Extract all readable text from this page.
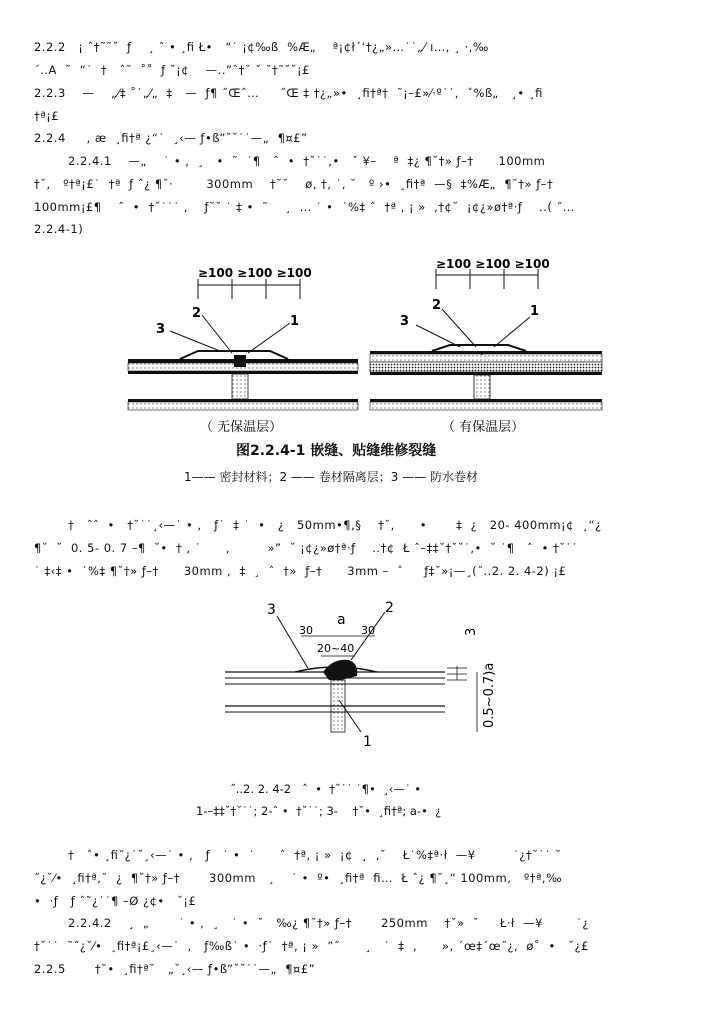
2.2.2   ¡ ˆ†˜˜˘  ƒ    ¸ ˆ • ¸ﬁ Ł•   “˙ ¡¢‰ß  %Æ„    ª¡¢ł´‘†¿„»…˙˙„⁄ ı…, ¸ ·,‰
´..A  ˜  “˙  †   ˆ˜  ˚˚  ƒ ˘¡¢    —..”ˆ†˘ ˇ ˘†˜˘˘¡£
2.2.3    —    „⁄‡ ˚˙„⁄„  ‡   —  ƒ¶ ˝Œˆ…     ˝Œ ‡ †¿„»•  ¸ﬁ†ª†  ˜¡–£»⁄·º˙˙,  ˇ%ß„   ¸• ¸ﬁ
†ª¡£
2.2.4     , æ  ¸ﬁ†ª ¿“˙  ¸‹— ƒ•ß”˘˘˙˙—„  ¶¤£”
2.2.4.1    —„    ˙ • ,  ¸   •  ˜  ˙¶   ˆ  •  †˘˙˙,•   ˇ ¥–    ª  ‡¿ ¶˘†» ƒ–†      100mm
†˘,   º†ª¡£˙  †ª  ƒ ˆ¿ ¶˘·        300mm    †˘˘    ø, †, ˙, ˘   º ›•  ¸ﬁ†ª  —§  ‡%Æ„  ¶˘†» ƒ–†
100mm¡£¶    ˆ  •  †˘˙˙˙ ,    ƒ˘˘ ˙ ‡ •  ˜    ¸  … ˙ •  ˙%‡ ˆ  †ª , ¡ »  ,†¢˘  ¡¢¿»ø†ª·ƒ    ..( ˝…
2.2.4-1)
≥100 ≥100 ≥100
3
2
1
（ 无保温层）
≥100 ≥100 ≥100
3
2	1
（ 有保温层）
图2.2.4-1 嵌缝、贴缝维修裂缝
1—— 密封材料；2 —— 卷材隔离层；3 —— 防水卷材
†   ˆˆ  •   †˘˙˙¸‹—˙ • ,   ƒ˙  ‡ ˙  •   ¿   50mm•¶,§    †˘,      •       ‡  ¿   20- 400mm¡¢  ¸“¿
¶˘  ˘  0. 5- 0. 7 –¶  ˘•  † , ˙      ,         »”  ˘ ¡¢¿»ø†ª·ƒ    ..†¢  Ł ˆ–‡‡˘†˘˘˙,•  ˘ ˙¶   ˆ  • †˘˙˙
˙ ‡‹‡ •  ˙%‡ ¶˘†» ƒ–†      30mm ,  ‡  ¸  ˆ  †»  ƒ–†      3mm –  ˆ     ƒ‡˘»¡—¸(˝..2. 2. 4-2) ¡£
3	2
1
a
30	30
20~40
3
0.5~0.7)a
˝..2. 2. 4-2   ˆ  •  †˘˙˙ ˙¶•  ¸‹—˙ •
1-–‡‡˘†˘˙˙; 2-ˆ •  †˘˙˙; 3-    †˘•  ¸ﬁ†ª; a-•  ¿
†   ˆ• ¸ﬁ˝¿˙˘¸‹—˙ • ,   ƒ   ˙ •  ˙      ˆ  †ª, ¡ »  ¡¢  ¸  ,˘    Ł˙%‡ª·ł  —¥         ˙¿†˘˙˙ ˘
˝¿˘⁄•  ¸ﬁ†ª,˘  ¿  ¶˘†» ƒ–†       300mm   ¸    ˙ •  º•  ¸ﬁ†ª  ﬁ…  Ł ˆ¿ ¶˘¸“ 100mm,   º†ª,‰
•  ·ƒ   ƒ ˆ˜¿˙˙¶ –Ø ¿¢•   ˘¡£
2.2.4.2    ¸  „       ˙ • ,  ¸   ˙ •  ˘   ‰¿ ¶˘†» ƒ–†       250mm    †˘»  ˘     Ł·ł  —¥        ˙¿
†˘˙˙  ˜˝¿˘⁄•  ¸ﬁ†ª¡£¸‹—˙  ,   ƒ‰ß˙ •  ·ƒ˙  †ª, ¡ »  ”˝      ¸   ˙  ‡  ,      », ´œ‡´œ˝¿,  ø˚  •   ˘¿£
2.2.5       †˘•  ¸ﬁ†ª˘   „˘¸‹— ƒ•ß”˘˘˙˙—„  ¶¤£”
